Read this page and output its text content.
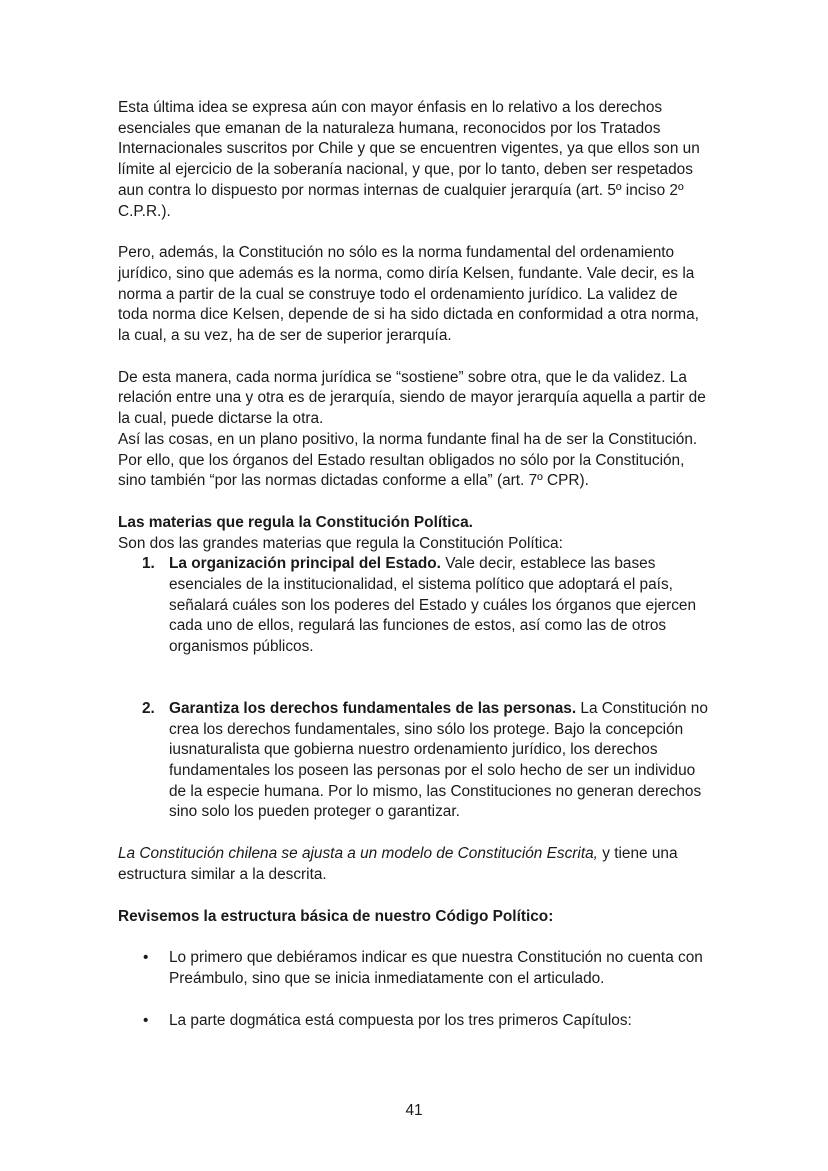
Esta última idea se expresa aún con mayor énfasis en lo relativo a los derechos esenciales que emanan de la naturaleza humana, reconocidos por los Tratados Internacionales suscritos por Chile y que se encuentren vigentes, ya que ellos son un límite al ejercicio de la soberanía nacional, y que, por lo tanto, deben ser respetados aun contra lo dispuesto por normas internas de cualquier jerarquía (art. 5º inciso 2º C.P.R.).

Pero, además, la Constitución no sólo es la norma fundamental del ordenamiento jurídico, sino que además es la norma, como diría Kelsen, fundante. Vale decir, es la norma a partir de la cual se construye todo el ordenamiento jurídico. La validez de toda norma dice Kelsen, depende de si ha sido dictada en conformidad a otra norma, la cual, a su vez, ha de ser de superior jerarquía.

De esta manera, cada norma jurídica se “sostiene” sobre otra, que le da validez. La relación entre una y otra es de jerarquía, siendo de mayor jerarquía aquella a partir de la cual, puede dictarse la otra.

Así las cosas, en un plano positivo, la norma fundante final ha de ser la Constitución. Por ello, que los órganos del Estado resultan obligados no sólo por la Constitución, sino también “por las normas dictadas conforme a ella” (art. 7º CPR).

Las materias que regula la Constitución Política.

Son dos las grandes materias que regula la Constitución Política:

1. La organización principal del Estado. Vale decir, establece las bases esenciales de la institucionalidad, el sistema político que adoptará el país, señalará cuáles son los poderes del Estado y cuáles los órganos que ejercen cada uno de ellos, regulará las funciones de estos, así como las de otros organismos públicos.
2. Garantiza los derechos fundamentales de las personas. La Constitución no crea los derechos fundamentales, sino sólo los protege. Bajo la concepción iusnaturalista que gobierna nuestro ordenamiento jurídico, los derechos fundamentales los poseen las personas por el solo hecho de ser un individuo de la especie humana. Por lo mismo, las Constituciones no generan derechos sino solo los pueden proteger o garantizar.

La Constitución chilena se ajusta a un modelo de Constitución Escrita, y tiene una estructura similar a la descrita.

Revisemos la estructura básica de nuestro Código Político:

• Lo primero que debiéramos indicar es que nuestra Constitución no cuenta con Preámbulo, sino que se inicia inmediatamente con el articulado.
• La parte dogmática está compuesta por los tres primeros Capítulos:
41
